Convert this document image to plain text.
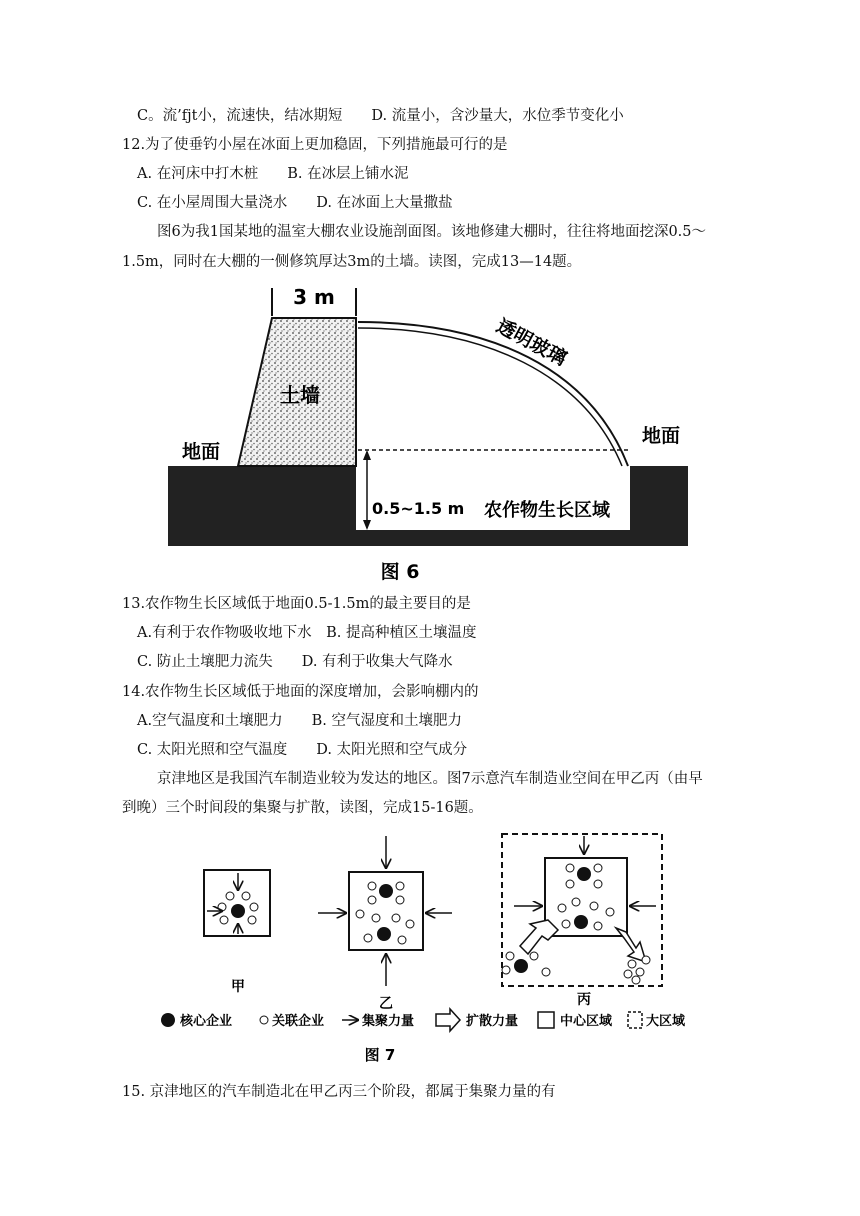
C。流’fjt小，流速快，结冰期短　　D. 流量小，含沙量大，水位季节变化小
12.为了使垂钓小屋在冰面上更加稳固，下列措施最可行的是
A. 在河床中打木桩　　B. 在冰层上铺水泥
C. 在小屋周围大量浇水　　D. 在冰面上大量撒盐
图6为我1国某地的温室大棚农业设施剖面图。该地修建大棚时，往往将地面挖深0.5～
1.5m，同时在大棚的一侧修筑厚达3m的土墙。读图，完成13—14题。
3 m
土墙
透明玻璃
地面
地面
0.5~1.5 m 农作物生长区域
图 6
13.农作物生长区域低于地面0.5-1.5m的最主要目的是
A.有利于农作物吸收地下水　B. 提高种植区土壤温度
C. 防止土壤肥力流失　　D. 有利于收集大气降水
14.农作物生长区域低于地面的深度增加，会影响棚内的
A.空气温度和土壤肥力　　B. 空气湿度和土壤肥力
C. 太阳光照和空气温度　　D. 太阳光照和空气成分
京津地区是我国汽车制造业较为发达的地区。图7示意汽车制造业空间在甲乙丙（由早
到晚）三个时间段的集聚与扩散，读图，完成15-16题。
甲
乙	丙
核心企业	关联企业	集聚力量	扩散力量	中心区域	大区域
图 7
15. 京津地区的汽车制造北在甲乙丙三个阶段，都属于集聚力量的有
